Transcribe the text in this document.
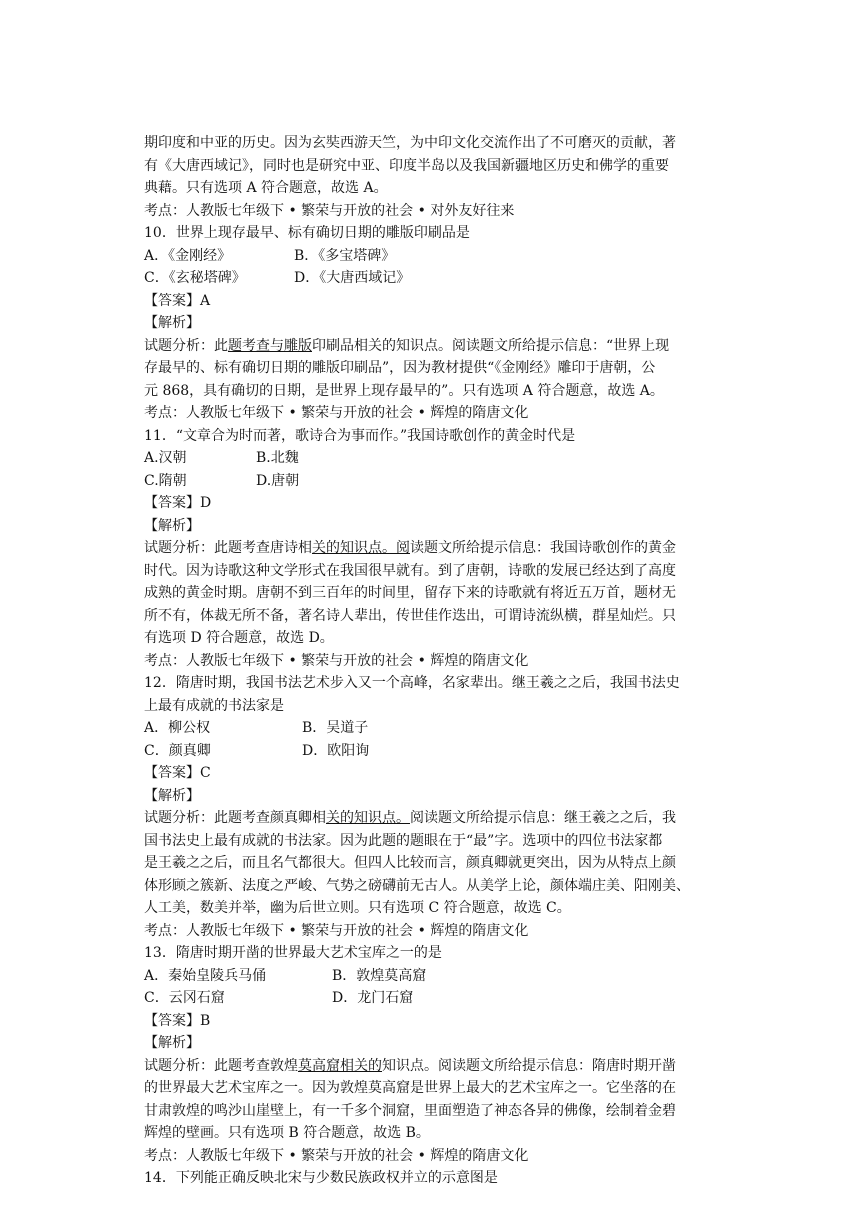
期印度和中亚的历史。因为玄奘西游天竺，为中印文化交流作出了不可磨灭的贡献，著

有《大唐西域记》，同时也是研究中亚、印度半岛以及我国新疆地区历史和佛学的重要

典藉。只有选项 A 符合题意，故选 A。

考点：人教版七年级下 • 繁荣与开放的社会 • 对外友好往来

10．世界上现存最早、标有确切日期的雕版印刷品是

A．《金刚经》	B．《多宝塔碑》
C．《玄秘塔碑》	D．《大唐西域记》

【答案】A

【解析】

试题分析：此题考查与雕版印刷品相关的知识点。阅读题文所给提示信息：“世界上现

存最早的、标有确切日期的雕版印刷品”，因为教材提供“《金刚经》雕印于唐朝，公

元 868，具有确切的日期，是世界上现存最早的”。只有选项 A 符合题意，故选 A。

考点：人教版七年级下 • 繁荣与开放的社会 • 辉煌的隋唐文化

11．“文章合为时而著，歌诗合为事而作。”我国诗歌创作的黄金时代是

A.汉朝	B.北魏
C.隋朝	D.唐朝

【答案】D

【解析】

试题分析：此题考查唐诗相关的知识点。阅读题文所给提示信息：我国诗歌创作的黄金

时代。因为诗歌这种文学形式在我国很早就有。到了唐朝，诗歌的发展已经达到了高度

成熟的黄金时期。唐朝不到三百年的时间里，留存下来的诗歌就有将近五万首，题材无

所不有，体裁无所不备，著名诗人辈出，传世佳作迭出，可谓诗流纵横，群星灿烂。只

有选项 D 符合题意，故选 D。

考点：人教版七年级下 • 繁荣与开放的社会 • 辉煌的隋唐文化

12．隋唐时期，我国书法艺术步入又一个高峰，名家辈出。继王羲之之后，我国书法史

上最有成就的书法家是

A．柳公权	B．吴道子
C．颜真卿	D．欧阳询

【答案】C

【解析】

试题分析：此题考查颜真卿相关的知识点。阅读题文所给提示信息：继王羲之之后，我

国书法史上最有成就的书法家。因为此题的题眼在于“最”字。选项中的四位书法家都

是王羲之之后，而且名气都很大。但四人比较而言，颜真卿就更突出，因为从特点上颜

体形顾之簇新、法度之严峻、气势之磅礴前无古人。从美学上论，颜体端庄美、阳刚美、

人工美，数美并举，幽为后世立则。只有选项 C 符合题意，故选 C。

考点：人教版七年级下 • 繁荣与开放的社会 • 辉煌的隋唐文化

13．隋唐时期开凿的世界最大艺术宝库之一的是

A．秦始皇陵兵马俑	B．敦煌莫高窟
C．云冈石窟	D．龙门石窟

【答案】B

【解析】

试题分析：此题考查敦煌莫高窟相关的知识点。阅读题文所给提示信息：隋唐时期开凿

的世界最大艺术宝库之一。因为敦煌莫高窟是世界上最大的艺术宝库之一。它坐落的在

甘肃敦煌的鸣沙山崖壁上，有一千多个洞窟，里面塑造了神态各异的佛像，绘制着金碧

辉煌的壁画。只有选项 B 符合题意，故选 B。

考点：人教版七年级下 • 繁荣与开放的社会 • 辉煌的隋唐文化

14．下列能正确反映北宋与少数民族政权并立的示意图是
